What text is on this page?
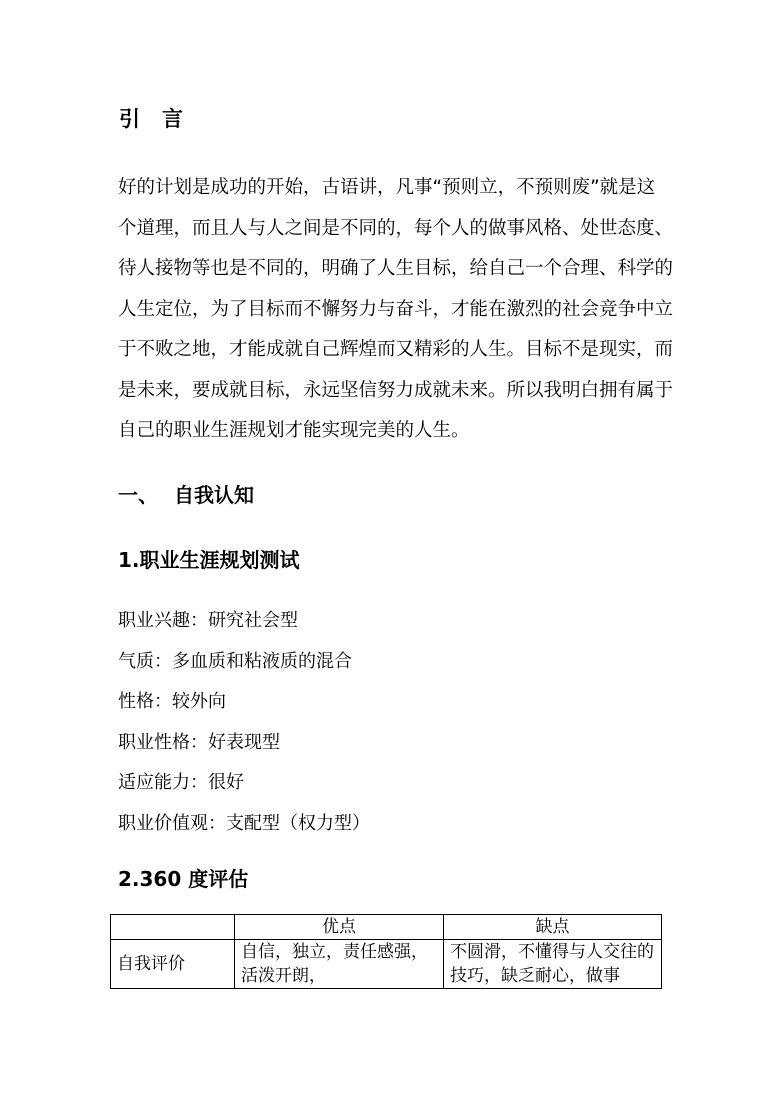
引言
好的计划是成功的开始，古语讲，凡事“预则立，不预则废”就是这
个道理，而且人与人之间是不同的，每个人的做事风格、处世态度、
待人接物等也是不同的，明确了人生目标，给自己一个合理、科学的
人生定位，为了目标而不懈努力与奋斗，才能在激烈的社会竞争中立
于不败之地，才能成就自己辉煌而又精彩的人生。目标不是现实，而
是未来，要成就目标，永远坚信努力成就未来。所以我明白拥有属于
自己的职业生涯规划才能实现完美的人生。
一、 自我认知
1.职业生涯规划测试
职业兴趣：研究社会型
气质：多血质和粘液质的混合
性格：较外向
职业性格：好表现型
适应能力：很好
职业价值观：支配型（权力型）
2.360 度评估
	优点	缺点
自我评价	自信，独立，责任感强，活泼开朗，	不圆滑，不懂得与人交往的技巧，缺乏耐心，做事
